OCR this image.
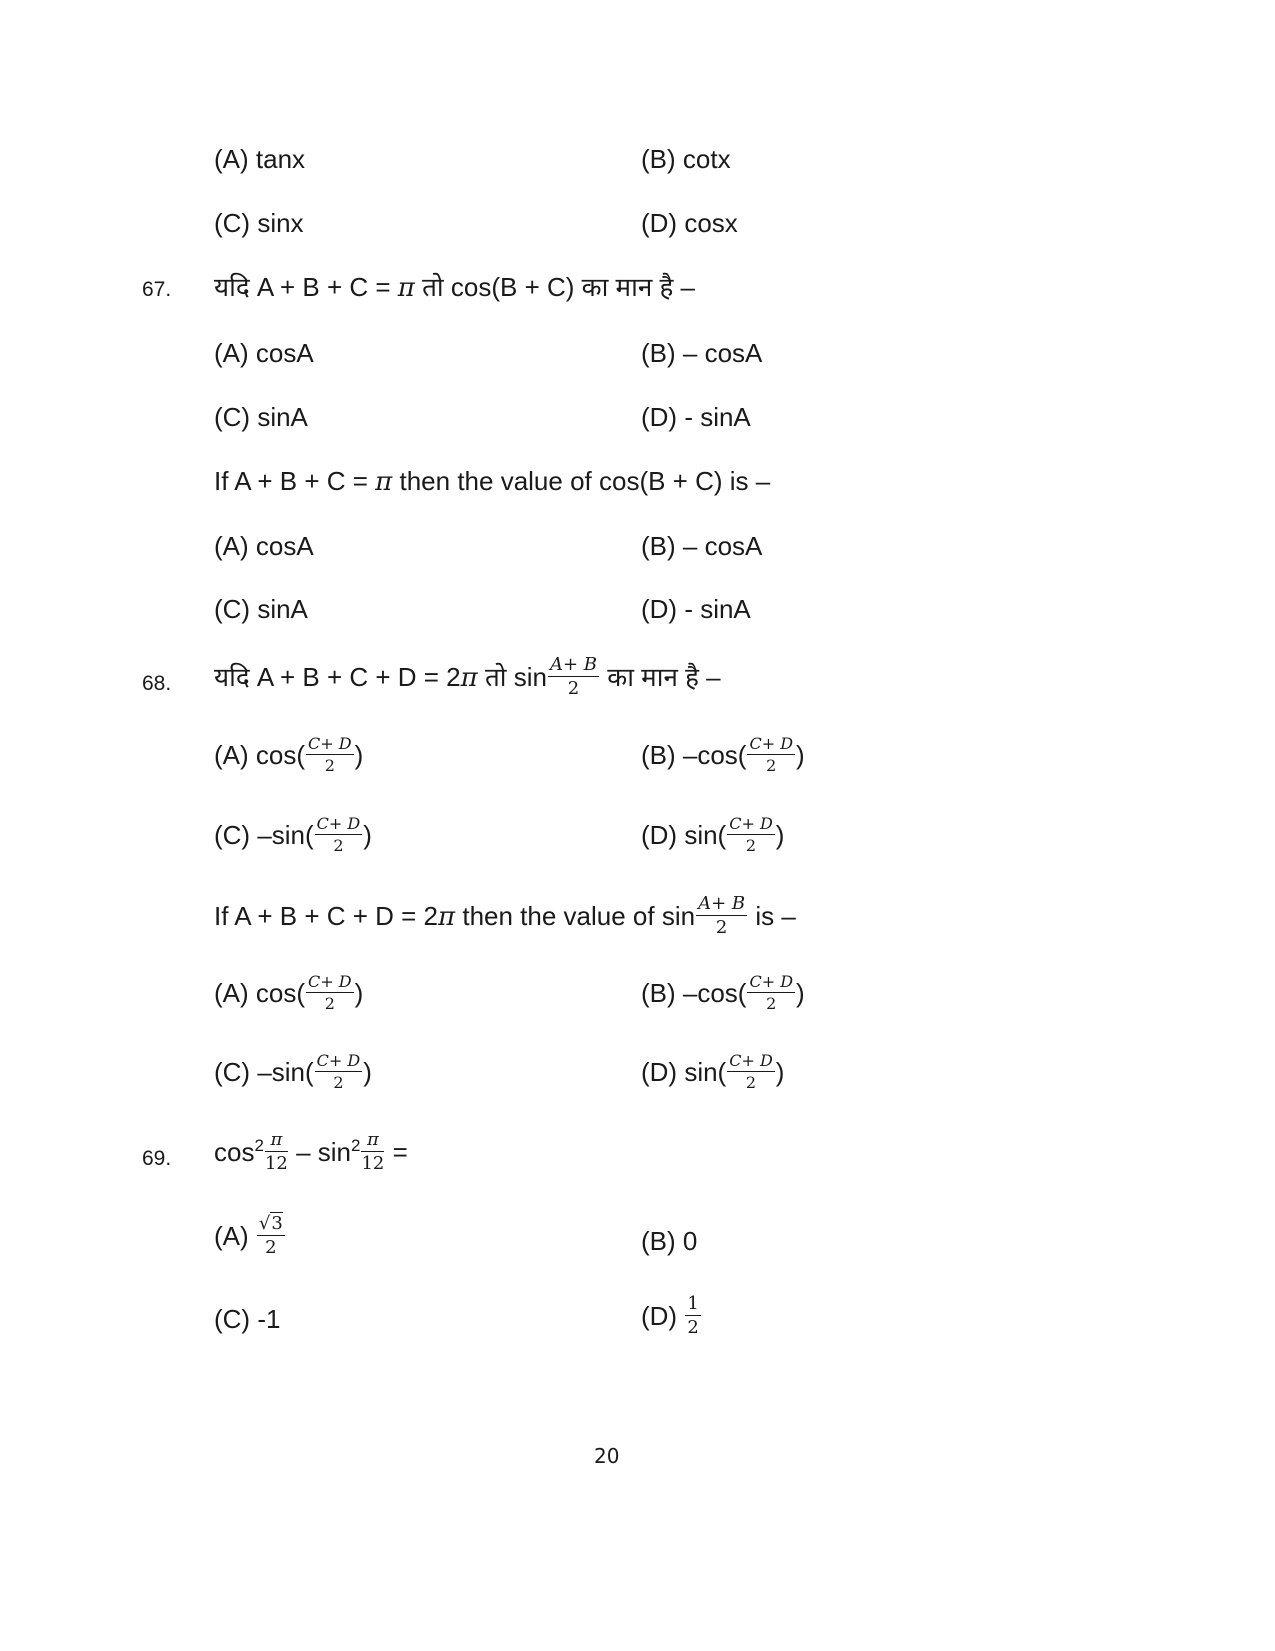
(A) tanx	(B) cotx
(C) sinx	(D) cosx
67. यदि A + B + C = π तो cos(B + C) का मान है –
(A) cosA	(B) – cosA
(C) sinA	(D) - sinA
If A + B + C = π then the value of cos(B + C) is –
(A) cosA	(B) – cosA
(C) sinA	(D) - sinA
68. यदि A + B + C + D = 2π तो $\sin \frac{A+ B}{2}$ का मान है –
(A) $\cos( \frac{C+ D}{2}$ )	(B) $-\cos( \frac{C+ D}{2}$ )
(C) $-\sin( \frac{C+ D}{2}$ )	(D) $\sin( \frac{C+ D}{2}$ )
If A + B + C + D = 2π then the value of $\sin \frac{A+ B}{2}$ is –
(A) $\cos( \frac{C+ D}{2}$ )	(B) $-\cos( \frac{C+ D}{2}$ )
(C) $-\sin( \frac{C+ D}{2}$ )	(D) $\sin( \frac{C+ D}{2}$ )
69. $\cos^2 \frac{\pi}{12} - \sin^2 \frac{\pi}{12}$ =
$(A) \frac{√3}{2}$	(B) 0
(C) -1	$(D) \frac{1}{2}$
20
